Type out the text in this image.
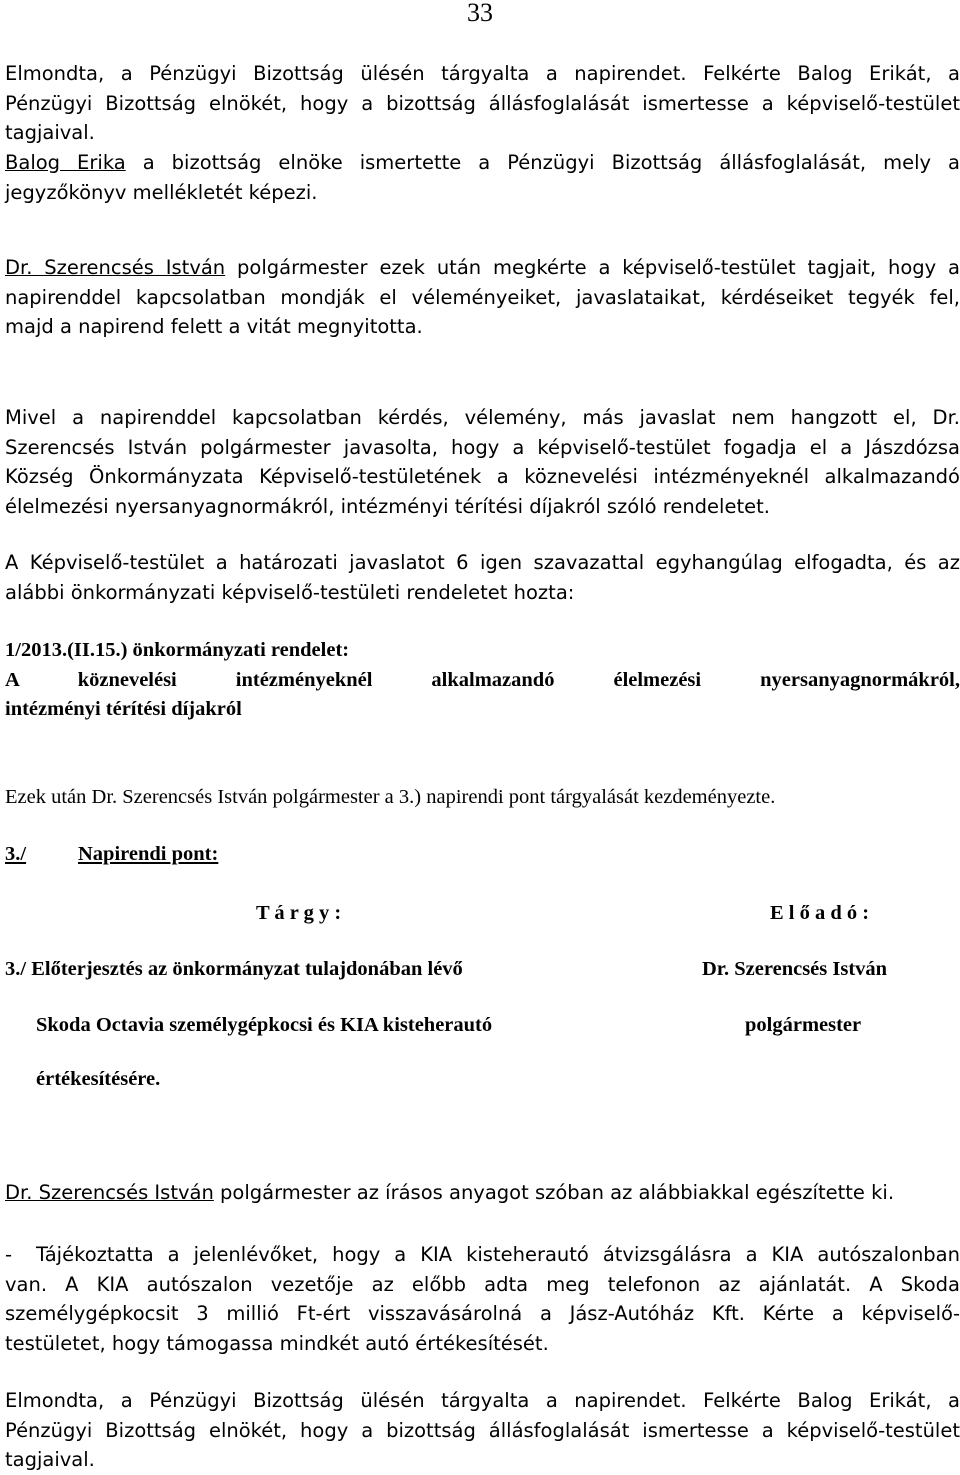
33
Elmondta, a Pénzügyi Bizottság ülésén tárgyalta a napirendet. Felkérte Balog Erikát, a
Pénzügyi Bizottság elnökét, hogy a bizottság állásfoglalását ismertesse a képviselő-testület
tagjaival.
Balog Erika a bizottság elnöke ismertette a Pénzügyi Bizottság állásfoglalását, mely a
jegyzőkönyv mellékletét képezi.
Dr. Szerencsés István polgármester ezek után megkérte a képviselő-testület tagjait, hogy a
napirenddel kapcsolatban mondják el véleményeiket, javaslataikat, kérdéseiket tegyék fel,
majd a napirend felett a vitát megnyitotta.
Mivel a napirenddel kapcsolatban kérdés, vélemény, más javaslat nem hangzott el, Dr.
Szerencsés István polgármester javasolta, hogy a képviselő-testület fogadja el a Jászdózsa
Község Önkormányzata Képviselő-testületének a köznevelési intézményeknél alkalmazandó
élelmezési nyersanyagnormákról, intézményi térítési díjakról szóló rendeletet.
A Képviselő-testület a határozati javaslatot 6 igen szavazattal egyhangúlag elfogadta, és az
alábbi önkormányzati képviselő-testületi rendeletet hozta:
1/2013.(II.15.) önkormányzati rendelet:
A köznevelési intézményeknél alkalmazandó élelmezési nyersanyagnormákról,
intézményi térítési díjakról
Ezek után Dr. Szerencsés István polgármester a 3.) napirendi pont tárgyalását kezdeményezte.
3./	Napirendi pont:
T á r g y :	E l ő a d ó :
3./ Előterjesztés az önkormányzat tulajdonában lévő
Skoda Octavia személygépkocsi és KIA kisteherautó
értékesítésére.
Dr. Szerencsés István
polgármester
Dr. Szerencsés István polgármester az írásos anyagot szóban az alábbiakkal egészítette ki.
- Tájékoztatta a jelenlévőket, hogy a KIA kisteherautó átvizsgálásra a KIA autószalonban
van. A KIA autószalon vezetője az előbb adta meg telefonon az ajánlatát. A Skoda
személygépkocsit 3 millió Ft-ért visszavásárolná a Jász-Autóház Kft. Kérte a képviselő-
testületet, hogy támogassa mindkét autó értékesítését.
Elmondta, a Pénzügyi Bizottság ülésén tárgyalta a napirendet. Felkérte Balog Erikát, a
Pénzügyi Bizottság elnökét, hogy a bizottság állásfoglalását ismertesse a képviselő-testület
tagjaival.
